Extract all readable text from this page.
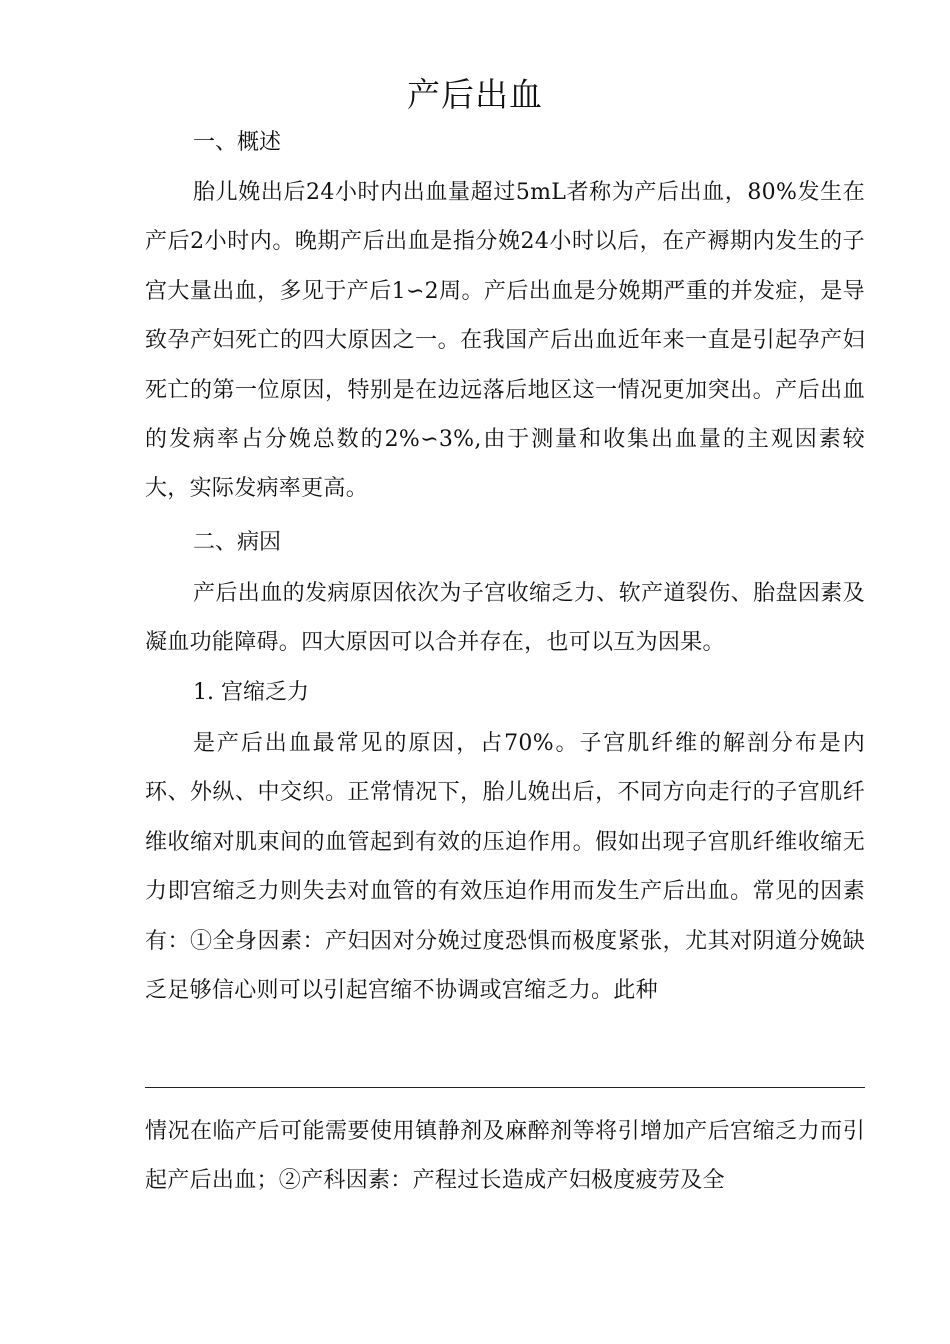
产后出血

一、概述

胎儿娩出后24小时内出血量超过5mL者称为产后出血，80%发生在产后2小时内。晚期产后出血是指分娩24小时以后，在产褥期内发生的子宫大量出血，多见于产后1∽2周。产后出血是分娩期严重的并发症，是导致孕产妇死亡的四大原因之一。在我国产后出血近年来一直是引起孕产妇死亡的第一位原因，特别是在边远落后地区这一情况更加突出。产后出血的发病率占分娩总数的2%∽3%,由于测量和收集出血量的主观因素较大，实际发病率更高。

二、病因

产后出血的发病原因依次为子宫收缩乏力、软产道裂伤、胎盘因素及凝血功能障碍。四大原因可以合并存在，也可以互为因果。

1. 宫缩乏力

是产后出血最常见的原因，占70%。子宫肌纤维的解剖分布是内环、外纵、中交织。正常情况下，胎儿娩出后，不同方向走行的子宫肌纤维收缩对肌束间的血管起到有效的压迫作用。假如出现子宫肌纤维收缩无力即宫缩乏力则失去对血管的有效压迫作用而发生产后出血。常见的因素有：①全身因素：产妇因对分娩过度恐惧而极度紧张，尤其对阴道分娩缺乏足够信心则可以引起宫缩不协调或宫缩乏力。此种

情况在临产后可能需要使用镇静剂及麻醉剂等将引增加产后宫缩乏力而引起产后出血；②产科因素：产程过长造成产妇极度疲劳及全
